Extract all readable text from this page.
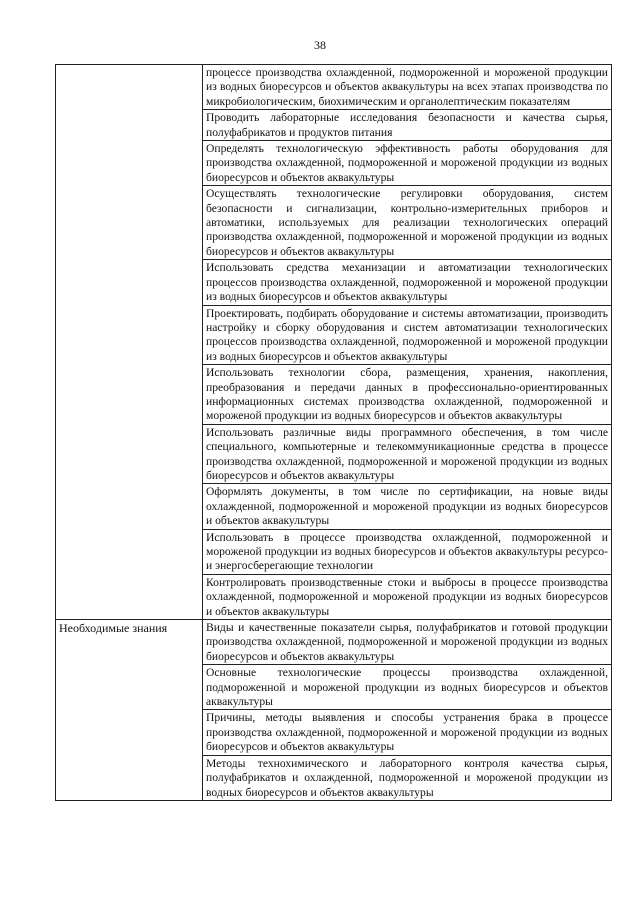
38

	процессе производства охлажденной, подмороженной и мороженой продукции из водных биоресурсов и объектов аквакультуры на всех этапах производства по микробиологическим, биохимическим и органолептическим показателям

	Проводить лабораторные исследования безопасности и качества сырья, полуфабрикатов и продуктов питания

	Определять технологическую эффективность работы оборудования для производства охлажденной, подмороженной и мороженой продукции из водных биоресурсов и объектов аквакультуры

	Осуществлять технологические регулировки оборудования, систем безопасности и сигнализации, контрольно-измерительных приборов и автоматики, используемых для реализации технологических операций производства охлажденной, подмороженной и мороженой продукции из водных биоресурсов и объектов аквакультуры

	Использовать средства механизации и автоматизации технологических процессов производства охлажденной, подмороженной и мороженой продукции из водных биоресурсов и объектов аквакультуры

	Проектировать, подбирать оборудование и системы автоматизации, производить настройку и сборку оборудования и систем автоматизации технологических процессов производства охлажденной, подмороженной и мороженой продукции из водных биоресурсов и объектов аквакультуры

	Использовать технологии сбора, размещения, хранения, накопления, преобразования и передачи данных в профессионально-ориентированных информационных системах производства охлажденной, подмороженной и мороженой продукции из водных биоресурсов и объектов аквакультуры

	Использовать различные виды программного обеспечения, в том числе специального, компьютерные и телекоммуникационные средства в процессе производства охлажденной, подмороженной и мороженой продукции из водных биоресурсов и объектов аквакультуры

	Оформлять документы, в том числе по сертификации, на новые виды охлажденной, подмороженной и мороженой продукции из водных биоресурсов и объектов аквакультуры

	Использовать в процессе производства охлажденной, подмороженной и мороженой продукции из водных биоресурсов и объектов аквакультуры ресурсо- и энергосберегающие технологии

	Контролировать производственные стоки и выбросы в процессе производства охлажденной, подмороженной и мороженой продукции из водных биоресурсов и объектов аквакультуры

Необходимые знания	Виды и качественные показатели сырья, полуфабрикатов и готовой продукции производства охлажденной, подмороженной и мороженой продукции из водных биоресурсов и объектов аквакультуры

	Основные технологические процессы производства охлажденной, подмороженной и мороженой продукции из водных биоресурсов и объектов аквакультуры

	Причины, методы выявления и способы устранения брака в процессе производства охлажденной, подмороженной и мороженой продукции из водных биоресурсов и объектов аквакультуры

	Методы технохимического и лабораторного контроля качества сырья, полуфабрикатов и охлажденной, подмороженной и мороженой продукции из водных биоресурсов и объектов аквакультуры
